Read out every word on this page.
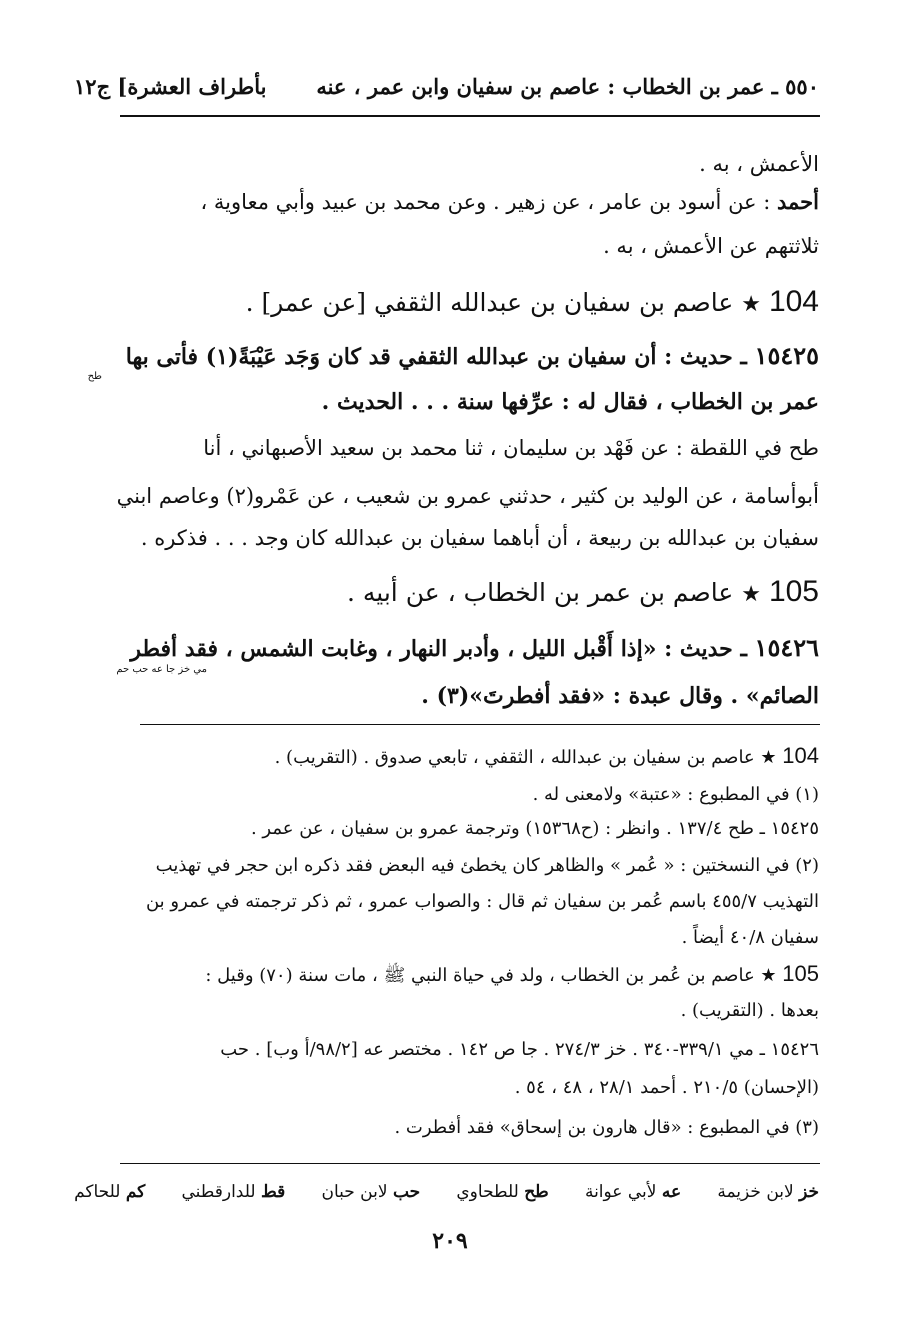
٥٥٠ ـ عمر بن الخطاب : عاصم بن سفيان وابن عمر ، عنه
بأطراف العشرة] ج١٢
الأعمش ، به .
أحمد : عن أسود بن عامر ، عن زهير . وعن محمد بن عبيد وأبي معاوية ،
ثلاثتهم عن الأعمش ، به .
104 ★ عاصم بن سفيان بن عبدالله الثقفي [عن عمر] .
١٥٤٢٥ ـ حديث : أن سفيان بن عبدالله الثقفي قد كان وَجَد عَيْبَةً(١) فأتى بها
طح
عمر بن الخطاب ، فقال له : عرِّفها سنة . . . الحديث .
طح في اللقطة : عن فَهْد بن سليمان ، ثنا محمد بن سعيد الأصبهاني ، أنا
أبوأسامة ، عن الوليد بن كثير ، حدثني عمرو بن شعيب ، عن عَمْرو(٢) وعاصم ابني
سفيان بن عبدالله بن ربيعة ، أن أباهما سفيان بن عبدالله كان وجد . . . فذكره .
105 ★ عاصم بن عمر بن الخطاب ، عن أبيه .
١٥٤٢٦ ـ حديث : «إذا أَقْبل الليل ، وأدبر النهار ، وغابت الشمس ، فقد أفطر
مي خز جا عه حب حم
الصائم» . وقال عبدة : «فقد أفطرتَ»(٣) .
104 ★ عاصم بن سفيان بن عبدالله ، الثقفي ، تابعي صدوق . (التقريب) .
(١) في المطبوع : «عتبة» ولامعنى له .
١٥٤٢٥ ـ طح ١٣٧/٤ . وانظر : (ح١٥٣٦٨) وترجمة عمرو بن سفيان ، عن عمر .
(٢) في النسختين : « عُمر » والظاهر كان يخطئ فيه البعض فقد ذكره ابن حجر في تهذيب
التهذيب ٤٥٥/٧ باسم عُمر بن سفيان ثم قال : والصواب عمرو ، ثم ذكر ترجمته في عمرو بن
سفيان ٤٠/٨ أيضاً .
105 ★ عاصم بن عُمر بن الخطاب ، ولد في حياة النبي ﷺ ، مات سنة (٧٠) وقيل :
بعدها . (التقريب) .
١٥٤٢٦ ـ مي ٣٣٩/١-٣٤٠ . خز ٢٧٤/٣ . جا ص ١٤٢ . مختصر عه [٩٨/٢/أ وب] . حب
(الإحسان) ٢١٠/٥ . أحمد ٢٨/١ ، ٤٨ ، ٥٤ .
(٣) في المطبوع : «قال هارون بن إسحاق» فقد أفطرت .
خز لابن خزيمة
عه لأبي عوانة
طح للطحاوي
حب لابن حبان
قط للدارقطني
كم للحاكم
٢٠٩
